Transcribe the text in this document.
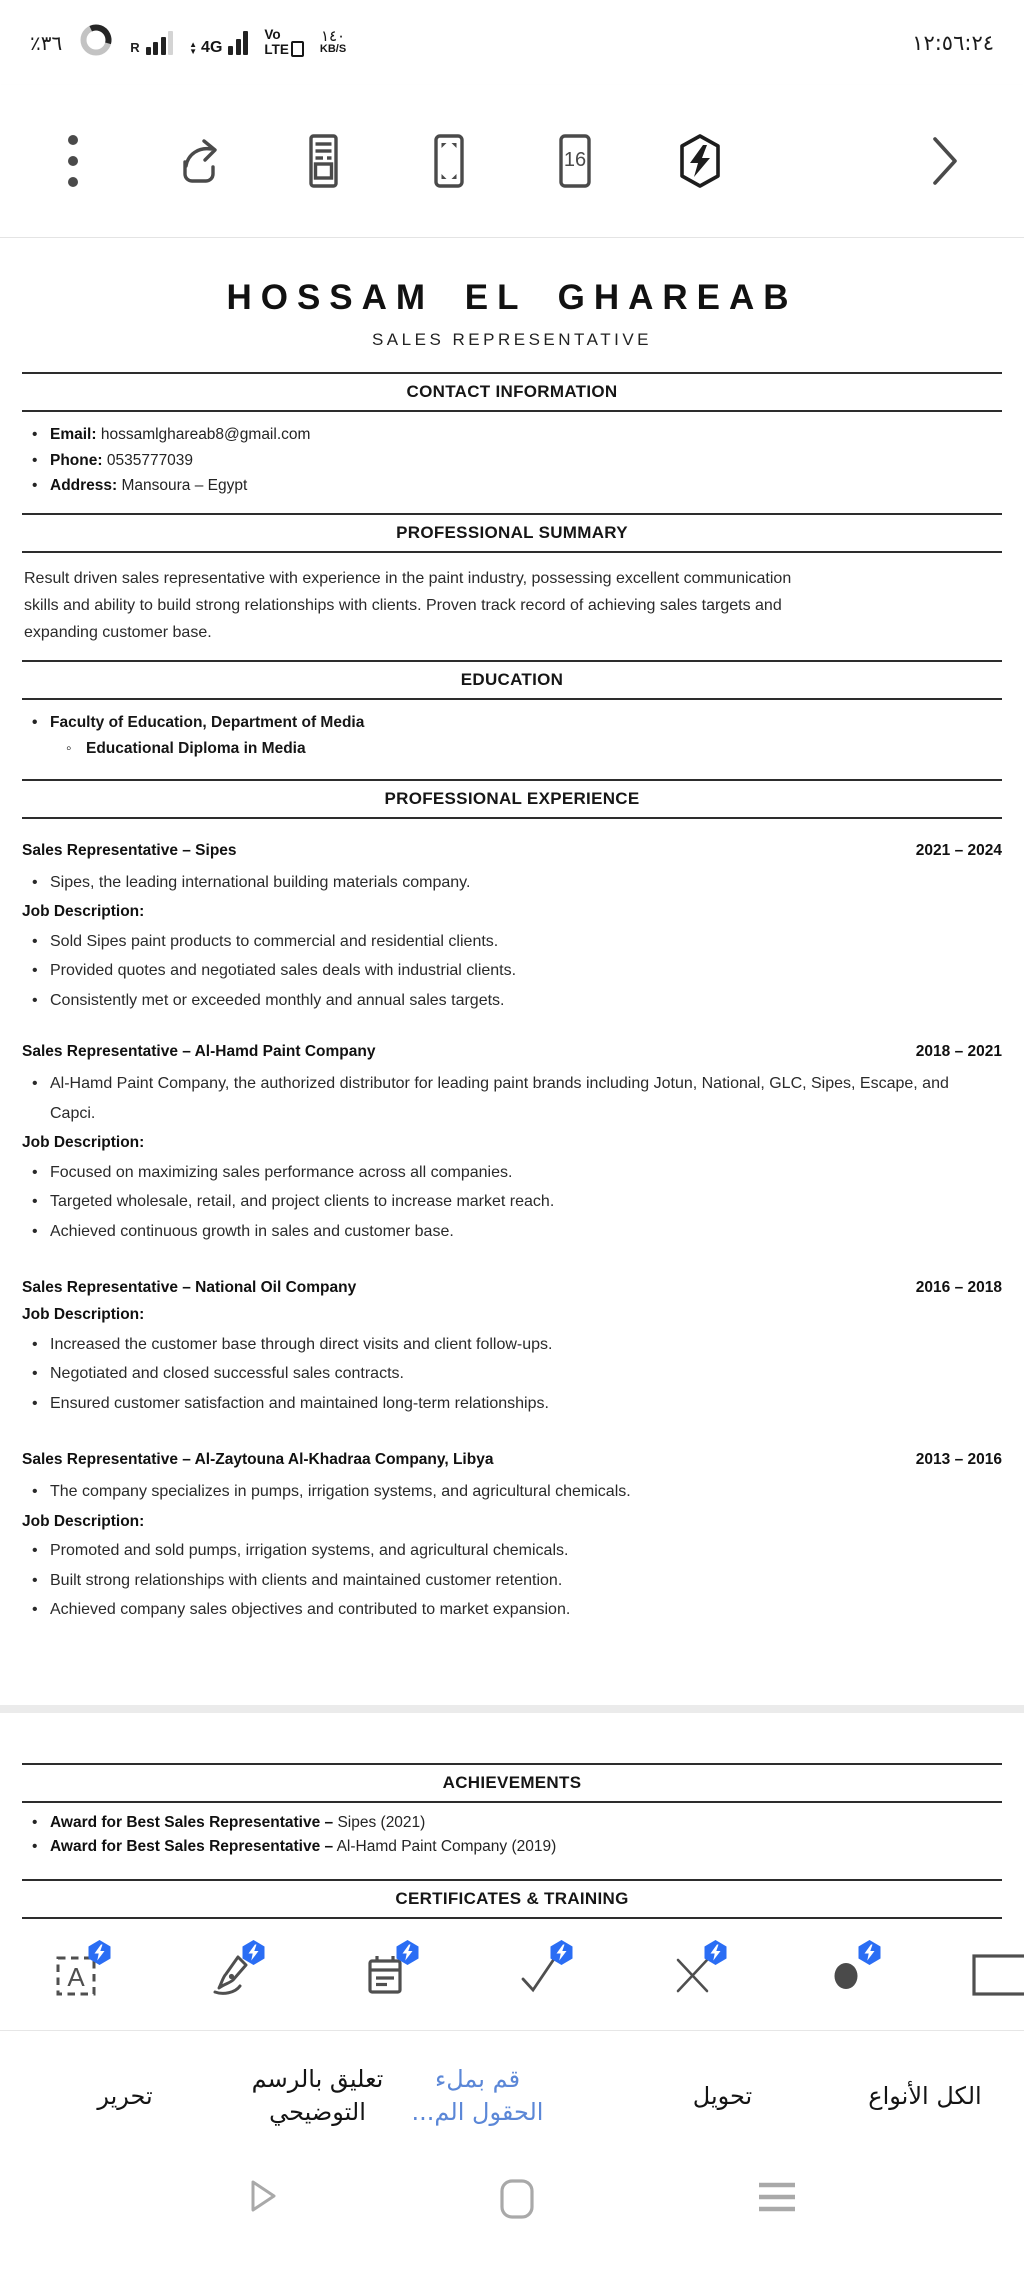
٣٦٪	R	▲
▼ 4G
Vo
LTE
١٤٠
KB/S	١٢:٥٦:٢٤
16
HOSSAM EL GHAREAB
SALES REPRESENTATIVE
CONTACT INFORMATION
• Email: hossamlghareab8@gmail.com
• Phone: 0535777039
• Address: Mansoura – Egypt
PROFESSIONAL SUMMARY
Result driven sales representative with experience in the paint industry, possessing excellent communication skills and ability to build strong relationships with clients. Proven track record of achieving sales targets and expanding customer base.
EDUCATION
• Faculty of Education, Department of Media
◦ Educational Diploma in Media
PROFESSIONAL EXPERIENCE
Sales Representative – Sipes	2021 – 2024
• Sipes, the leading international building materials company.
Job Description:
• Sold Sipes paint products to commercial and residential clients.
• Provided quotes and negotiated sales deals with industrial clients.
• Consistently met or exceeded monthly and annual sales targets.
Sales Representative – Al-Hamd Paint Company	2018 – 2021
• Al-Hamd Paint Company, the authorized distributor for leading paint brands including Jotun, National, GLC, Sipes, Escape, and Capci.
Job Description:
• Focused on maximizing sales performance across all companies.
• Targeted wholesale, retail, and project clients to increase market reach.
• Achieved continuous growth in sales and customer base.
Sales Representative – National Oil Company	2016 – 2018
Job Description:
• Increased the customer base through direct visits and client follow-ups.
• Negotiated and closed successful sales contracts.
• Ensured customer satisfaction and maintained long-term relationships.
Sales Representative – Al-Zaytouna Al-Khadraa Company, Libya	2013 – 2016
• The company specializes in pumps, irrigation systems, and agricultural chemicals.
Job Description:
• Promoted and sold pumps, irrigation systems, and agricultural chemicals.
• Built strong relationships with clients and maintained customer retention.
• Achieved company sales objectives and contributed to market expansion.
ACHIEVEMENTS
• Award for Best Sales Representative – Sipes (2021)
• Award for Best Sales Representative – Al-Hamd Paint Company (2019)
CERTIFICATES & TRAINING
A
تحرير
تعليق بالرسم
التوضيحي
قم بملء
الحقول الم...
تحويل	الكل الأنواع
